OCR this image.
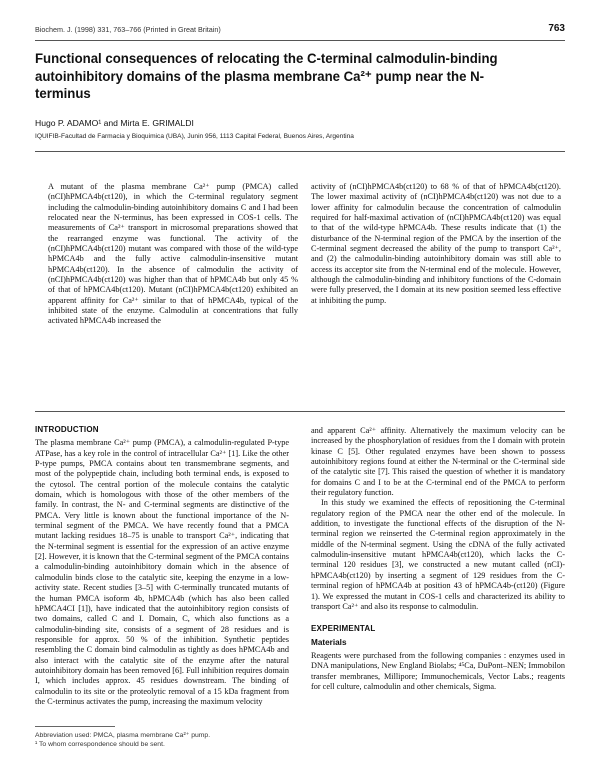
Biochem. J. (1998) 331, 763–766 (Printed in Great Britain)	763
Functional consequences of relocating the C-terminal calmodulin-binding autoinhibitory domains of the plasma membrane Ca²⁺ pump near the N-terminus
Hugo P. ADAMO¹ and Mirta E. GRIMALDI
IQUIFIB-Facultad de Farmacia y Bioquimica (UBA), Junin 956, 1113 Capital Federal, Buenos Aires, Argentina

A mutant of the plasma membrane Ca²⁺ pump (PMCA) called (nCI)hPMCA4b(ct120), in which the C-terminal regulatory segment including the calmodulin-binding autoinhibitory domains C and I had been relocated near the N-terminus, has been expressed in COS-1 cells. The measurements of Ca²⁺ transport in microsomal preparations showed that the rearranged enzyme was functional. The activity of the (nCI)hPMCA4b(ct120) mutant was compared with those of the wild-type hPMCA4b and the fully active calmodulin-insensitive mutant hPMCA4b(ct120). In the absence of calmodulin the activity of (nCI)hPMCA4b(ct120) was higher than that of hPMCA4b but only 45 % of that of hPMCA4b(ct120). Mutant (nCI)hPMCA4b(ct120) exhibited an apparent affinity for Ca²⁺ similar to that of hPMCA4b, typical of the inhibited state of the enzyme. Calmodulin at concentrations that fully activated hPMCA4b increased the

activity of (nCI)hPMCA4b(ct120) to 68 % of that of hPMCA4b(ct120). The lower maximal activity of (nCI)hPMCA4b(ct120) was not due to a lower affinity for calmodulin because the concentration of calmodulin required for half-maximal activation of (nCI)hPMCA4b(ct120) was equal to that of the wild-type hPMCA4b. These results indicate that (1) the disturbance of the N-terminal region of the PMCA by the insertion of the C-terminal segment decreased the ability of the pump to transport Ca²⁺, and (2) the calmodulin-binding autoinhibitory domain was still able to access its acceptor site from the N-terminal end of the molecule. However, although the calmodulin-binding and inhibitory functions of the C-domain were fully preserved, the I domain at its new position seemed less effective at inhibiting the pump.

INTRODUCTION

The plasma membrane Ca²⁺ pump (PMCA), a calmodulin-regulated P-type ATPase, has a key role in the control of intracellular Ca²⁺ [1]. Like the other P-type pumps, PMCA contains about ten transmembrane segments, and most of the polypeptide chain, including both terminal ends, is exposed to the cytosol. The central portion of the molecule contains the catalytic domain, which is homologous with those of the other members of the family. In contrast, the N- and C-terminal segments are distinctive of the PMCA. Very little is known about the functional importance of the N-terminal segment of the PMCA. We have recently found that a PMCA mutant lacking residues 18–75 is unable to transport Ca²⁺, indicating that the N-terminal segment is essential for the expression of an active enzyme [2]. However, it is known that the C-terminal segment of the PMCA contains a calmodulin-binding autoinhibitory domain which in the absence of calmodulin binds close to the catalytic site, keeping the enzyme in a low-activity state. Recent studies [3–5] with C-terminally truncated mutants of the human PMCA isoform 4b, hPMCA4b (which has also been called hPMCA4CI [1]), have indicated that the autoinhibitory region consists of two domains, called C and I. Domain, C, which also functions as a calmodulin-binding site, consists of a segment of 28 residues and is responsible for approx. 50 % of the inhibition. Synthetic peptides resembling the C domain bind calmodulin as tightly as does hPMCA4b and also interact with the catalytic site of the enzyme after the natural autoinhibitory domain has been removed [6]. Full inhibition requires domain I, which includes approx. 45 residues downstream. The binding of calmodulin to its site or the proteolytic removal of a 15 kDa fragment from the C-terminus activates the pump, increasing the maximum velocity

and apparent Ca²⁺ affinity. Alternatively the maximum velocity can be increased by the phosphorylation of residues from the I domain with protein kinase C [5]. Other regulated enzymes have been shown to possess autoinhibitory regions found at either the N-terminal or the C-terminal side of the catalytic site [7]. This raised the question of whether it is mandatory for domains C and I to be at the C-terminal end of the PMCA to perform their regulatory function.

In this study we examined the effects of repositioning the C-terminal regulatory region of the PMCA near the other end of the molecule. In addition, to investigate the functional effects of the disruption of the N-terminal region we reinserted the C-terminal region approximately in the middle of the N-terminal segment. Using the cDNA of the fully activated calmodulin-insensitive mutant hPMCA4b(ct120), which lacks the C-terminal 120 residues [3], we constructed a new mutant called (nCI)-hPMCA4b(ct120) by inserting a segment of 129 residues from the C-terminal region of hPMCA4b at position 43 of hPMCA4b-(ct120) (Figure 1). We expressed the mutant in COS-1 cells and characterized its ability to transport Ca²⁺ and also its response to calmodulin.

EXPERIMENTAL
Materials

Reagents were purchased from the following companies : enzymes used in DNA manipulations, New England Biolabs; ⁴⁵Ca, DuPont–NEN; Immobilon transfer membranes, Millipore; Immunochemicals, Vector Labs.; reagents for cell culture, calmodulin and other chemicals, Sigma.

Abbreviation used: PMCA, plasma membrane Ca²⁺ pump.
¹ To whom correspondence should be sent.
